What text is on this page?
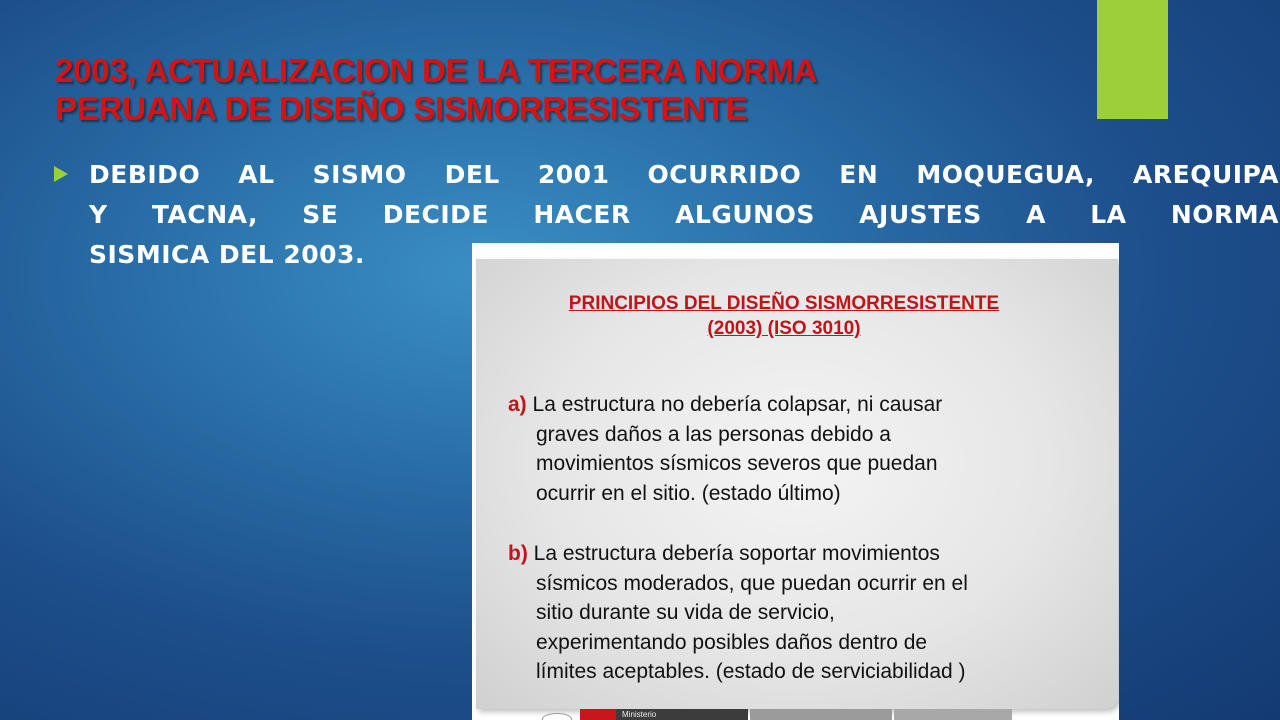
2003, ACTUALIZACION DE LA TERCERA NORMA
PERUANA DE DISEÑO SISMORRESISTENTE
DEBIDO AL SISMO DEL 2001 OCURRIDO EN MOQUEGUA, AREQUIPA
Y TACNA, SE DECIDE HACER ALGUNOS AJUSTES A LA NORMA
SISMICA DEL 2003.
PRINCIPIOS DEL DISEÑO SISMORRESISTENTE
(2003) (ISO 3010)
a) La estructura no debería colapsar, ni causar
graves daños a las personas debido a
movimientos sísmicos severos que puedan
ocurrir en el sitio. (estado último)
b) La estructura debería soportar movimientos
sísmicos moderados, que puedan ocurrir en el
sitio durante su vida de servicio,
experimentando posibles daños dentro de
límites aceptables. (estado de serviciabilidad )
Ministerio
